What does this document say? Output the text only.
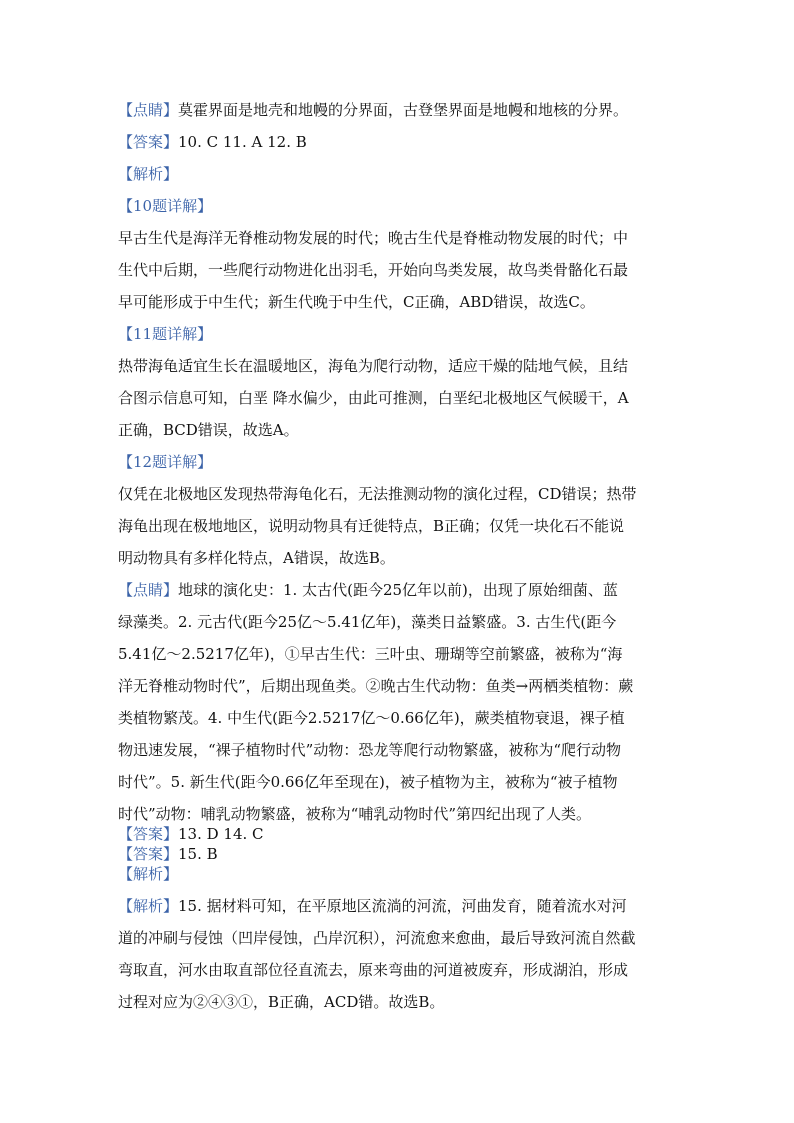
【点睛】莫霍界面是地壳和地幔的分界面，古登堡界面是地幔和地核的分界。

【答案】10. C 11. A 12. B

【解析】

【10题详解】

早古生代是海洋无脊椎动物发展的时代；晚古生代是脊椎动物发展的时代；中

生代中后期，一些爬行动物进化出羽毛，开始向鸟类发展，故鸟类骨骼化石最

早可能形成于中生代；新生代晚于中生代，C正确，ABD错误，故选C。

【11题详解】

热带海龟适宜生长在温暖地区，海龟为爬行动物，适应干燥的陆地气候，且结

合图示信息可知，白垩 降水偏少，由此可推测，白垩纪北极地区气候暖干，A

正确，BCD错误，故选A。

【12题详解】

仅凭在北极地区发现热带海龟化石，无法推测动物的演化过程，CD错误；热带

海龟出现在极地地区，说明动物具有迁徙特点，B正确；仅凭一块化石不能说

明动物具有多样化特点，A错误，故选B。

【点睛】地球的演化史：1. 太古代(距今25亿年以前)，出现了原始细菌、蓝

绿藻类。2. 元古代(距今25亿～5.41亿年)，藻类日益繁盛。3. 古生代(距今

5.41亿～2.5217亿年)，①早古生代：三叶虫、珊瑚等空前繁盛，被称为“海

洋无脊椎动物时代”，后期出现鱼类。②晚古生代动物：鱼类→两栖类植物：蕨

类植物繁茂。4. 中生代(距今2.5217亿～0.66亿年)，蕨类植物衰退，裸子植

物迅速发展，“裸子植物时代”动物：恐龙等爬行动物繁盛，被称为“爬行动物

时代”。5. 新生代(距今0.66亿年至现在)，被子植物为主，被称为“被子植物

时代”动物：哺乳动物繁盛，被称为“哺乳动物时代”第四纪出现了人类。

【答案】13. D 14. C

【答案】15. B

【解析】

【解析】15. 据材料可知，在平原地区流淌的河流，河曲发育，随着流水对河

道的冲刷与侵蚀（凹岸侵蚀，凸岸沉积），河流愈来愈曲，最后导致河流自然截

弯取直，河水由取直部位径直流去，原来弯曲的河道被废弃，形成湖泊，形成

过程对应为②④③①，B正确，ACD错。故选B。
